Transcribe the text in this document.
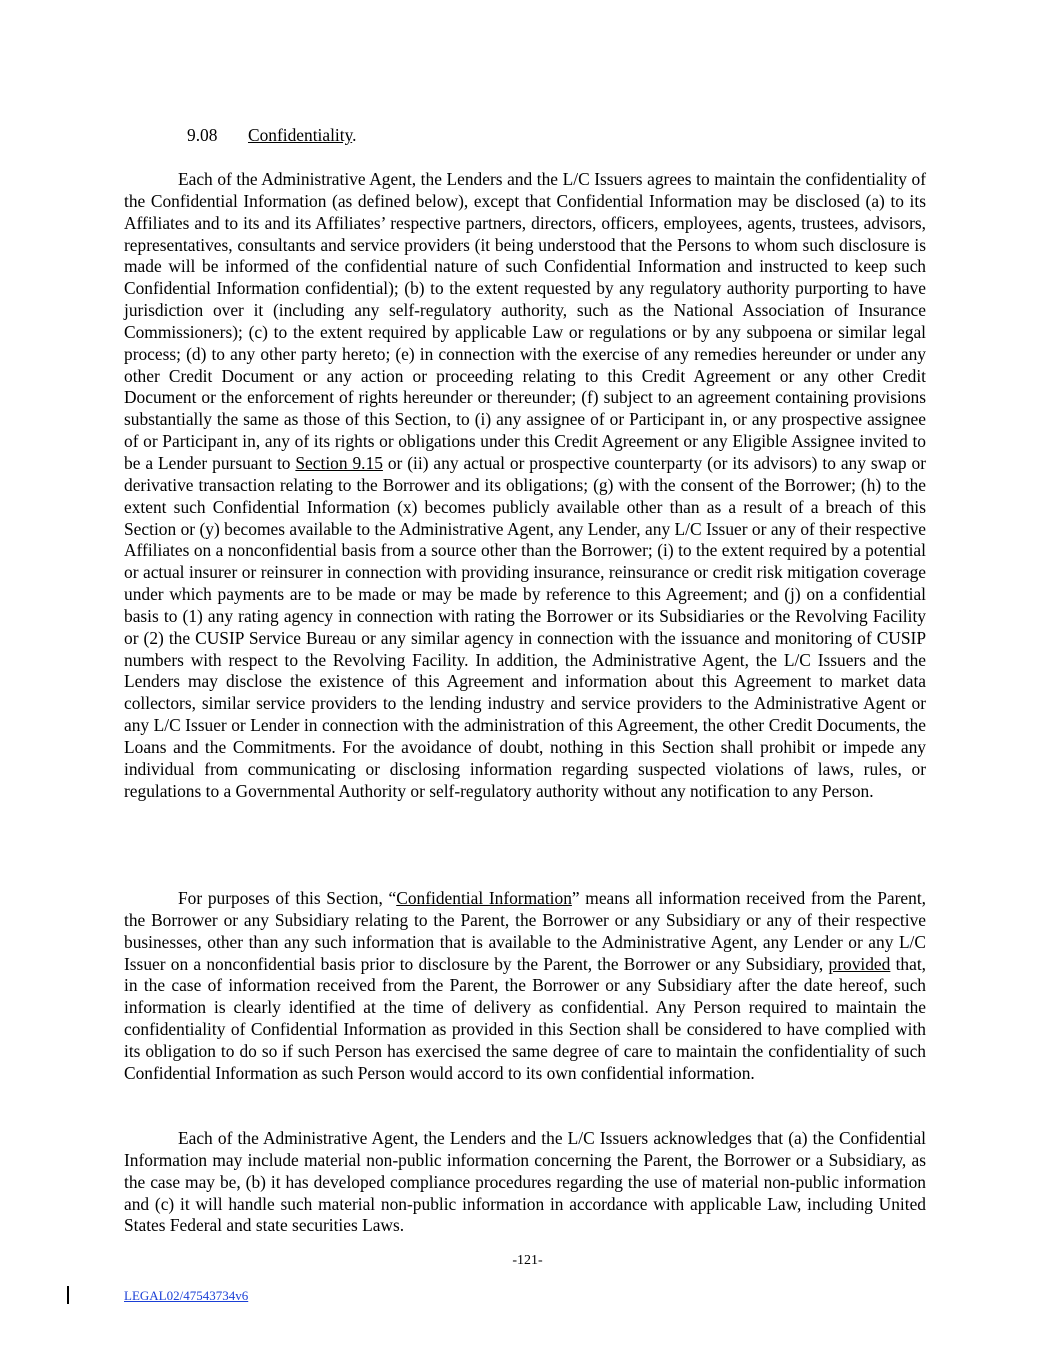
9.08 Confidentiality.

Each of the Administrative Agent, the Lenders and the L/C Issuers agrees to maintain the confidentiality of the Confidential Information (as defined below), except that Confidential Information may be disclosed (a) to its Affiliates and to its and its Affiliates’ respective partners, directors, officers, employees, agents, trustees, advisors, representatives, consultants and service providers (it being understood that the Persons to whom such disclosure is made will be informed of the confidential nature of such Confidential Information and instructed to keep such Confidential Information confidential); (b) to the extent requested by any regulatory authority purporting to have jurisdiction over it (including any self-regulatory authority, such as the National Association of Insurance Commissioners); (c) to the extent required by applicable Law or regulations or by any subpoena or similar legal process; (d) to any other party hereto; (e) in connection with the exercise of any remedies hereunder or under any other Credit Document or any action or proceeding relating to this Credit Agreement or any other Credit Document or the enforcement of rights hereunder or thereunder; (f) subject to an agreement containing provisions substantially the same as those of this Section, to (i) any assignee of or Participant in, or any prospective assignee of or Participant in, any of its rights or obligations under this Credit Agreement or any Eligible Assignee invited to be a Lender pursuant to Section 9.15 or (ii) any actual or prospective counterparty (or its advisors) to any swap or derivative transaction relating to the Borrower and its obligations; (g) with the consent of the Borrower; (h) to the extent such Confidential Information (x) becomes publicly available other than as a result of a breach of this Section or (y) becomes available to the Administrative Agent, any Lender, any L/C Issuer or any of their respective Affiliates on a nonconfidential basis from a source other than the Borrower; (i) to the extent required by a potential or actual insurer or reinsurer in connection with providing insurance, reinsurance or credit risk mitigation coverage under which payments are to be made or may be made by reference to this Agreement; and (j) on a confidential basis to (1) any rating agency in connection with rating the Borrower or its Subsidiaries or the Revolving Facility or (2) the CUSIP Service Bureau or any similar agency in connection with the issuance and monitoring of CUSIP numbers with respect to the Revolving Facility. In addition, the Administrative Agent, the L/C Issuers and the Lenders may disclose the existence of this Agreement and information about this Agreement to market data collectors, similar service providers to the lending industry and service providers to the Administrative Agent or any L/C Issuer or Lender in connection with the administration of this Agreement, the other Credit Documents, the Loans and the Commitments. For the avoidance of doubt, nothing in this Section shall prohibit or impede any individual from communicating or disclosing information regarding suspected violations of laws, rules, or regulations to a Governmental Authority or self-regulatory authority without any notification to any Person.

For purposes of this Section, “Confidential Information” means all information received from the Parent, the Borrower or any Subsidiary relating to the Parent, the Borrower or any Subsidiary or any of their respective businesses, other than any such information that is available to the Administrative Agent, any Lender or any L/C Issuer on a nonconfidential basis prior to disclosure by the Parent, the Borrower or any Subsidiary, provided that, in the case of information received from the Parent, the Borrower or any Subsidiary after the date hereof, such information is clearly identified at the time of delivery as confidential. Any Person required to maintain the confidentiality of Confidential Information as provided in this Section shall be considered to have complied with its obligation to do so if such Person has exercised the same degree of care to maintain the confidentiality of such Confidential Information as such Person would accord to its own confidential information.

Each of the Administrative Agent, the Lenders and the L/C Issuers acknowledges that (a) the Confidential Information may include material non-public information concerning the Parent, the Borrower or a Subsidiary, as the case may be, (b) it has developed compliance procedures regarding the use of material non-public information and (c) it will handle such material non-public information in accordance with applicable Law, including United States Federal and state securities Laws.

-121-
LEGAL02/47543734v6
